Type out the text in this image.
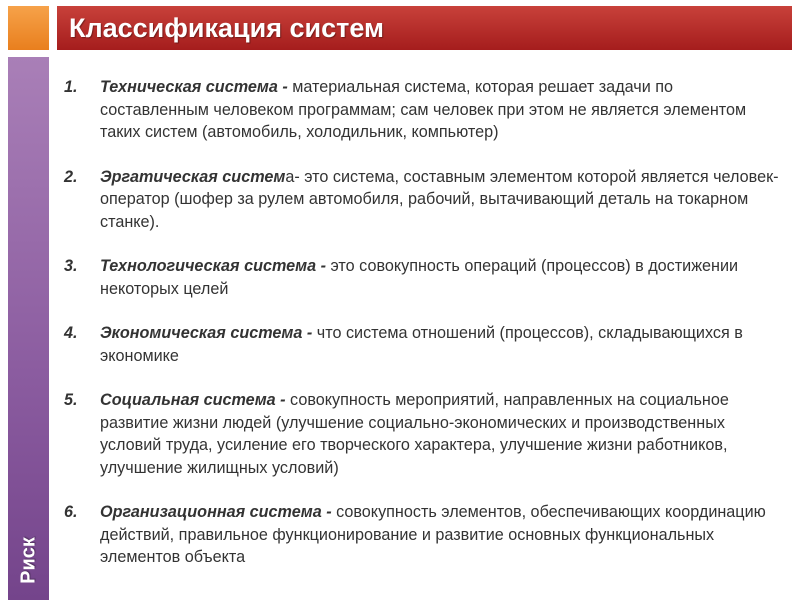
Классификация систем
Риск
1. Техническая система - материальная система, которая решает задачи по составленным человеком программам; сам человек при этом не является элементом таких систем (автомобиль, холодильник, компьютер)
2. Эргатическая система- это система, составным элементом которой является человек-оператор (шофер за рулем автомобиля, рабочий, вытачивающий деталь на токарном станке).
3. Технологическая система - это совокупность операций (процессов) в достижении некоторых целей
4. Экономическая система - что система отношений (процессов), складывающихся в экономике
5. Социальная система - совокупность мероприятий, направленных на социальное развитие жизни людей (улучшение социально-экономических и производственных условий труда, усиление его творческого характера, улучшение жизни работников, улучшение жилищных условий)
6. Организационная система - совокупность элементов, обеспечивающих координацию действий, правильное функционирование и развитие основных функциональных элементов объекта
